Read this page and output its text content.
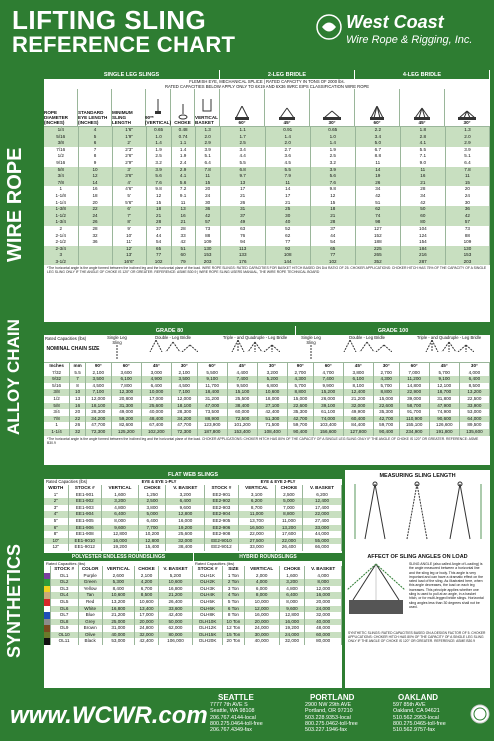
LIFTING SLING
REFERENCE CHART
West Coast
Wire Rope & Rigging, Inc.
WIRE ROPE
ALLOY CHAIN
SYNTHETICS
SINGLE LEG SLINGS	2-LEG BRIDLE	4-LEG BRIDLE
FLEMISH EYE, MECHANICAL SPLICE | RATED CAPACITY IN TONS OF 2000 lbs.
RATED CAPACITIES BELOW APPLY ONLY TO 6X19 AND 6X36 IWRC EIPS CLASSIFICATION WIRE ROPE
ROPE DIAMETER (INCHES)
STANDARD EYE LENGTH (INCHES)
MINIMUM SLING LENGTH
90** (VERTICAL) CHOKE
VERTICAL BASKET	60°	45°	30°	60°	45°	30°
1/4	4	1'6"	0.65	0.48	1.3	1.1	0.91	0.65	2.2	1.8	1.3
5/16	5	1'9"	1.0	0.74	2.0	1.7	1.4	1.0	3.4	2.8	2.0
3/8	6	2'	1.4	1.1	2.9	2.5	2.0	1.4	5.0	4.1	2.9
7/16	7	2'3"	1.9	1.4	3.9	3.4	2.7	1.9	6.7	5.5	3.9
1/2	8	2'6"	2.5	1.9	5.1	4.4	3.6	2.5	8.8	7.1	5.1
9/16	9	2'9"	3.2	2.4	6.4	5.5	4.5	3.2	11	9.0	6.4
5/8	10	3'	3.9	2.9	7.8	6.8	5.5	3.9	14	11	7.8
3/4	12	3'6"	5.6	4.1	11	9.7	7.9	5.6	19	16	11
7/8	14	4'	7.6	5.6	15	13	11	7.6	26	21	15
1	16	4'6"	9.8	7.2	20	17	14	9.8	34	28	20
1-1/8	18	5'	12	9.1	24	21	17	12	42	34	24
1-1/4	20	5'6"	15	11	30	26	21	15	51	42	30
1-3/8	22	6'	18	13	36	31	25	18	62	50	36
1-1/2	24	7'	21	16	42	37	30	21	74	60	42
1-3/4	26	8'	28	21	57	49	40	28	98	80	57
2	28	9'	37	28	73	63	52	37	127	104	73
2-1/4	32	10'	44	33	88	76	62	44	152	124	88
2-1/2	36	11'	54	42	109	94	77	54	188	154	109
2-3/4		12'	65	51	130	113	92	65	225	184	130
3		13'	77	60	153	133	108	77	265	216	153
3-1/2		16'6"	102	79	203	176	144	102	352	287	203
*The horizontal angle is the angle formed between the inclined leg and the horizontal plane of the load. WIRE ROPE SLINGS: RATED CAPACITIES FOR BASKET HITCH BASED ON D/d RATIO OF 25. CHOKER APPLICATIONS: CHOKER HITCH HAS 75% OF THE CAPACITY OF A SINGLE LEG SLING ONLY IF THE ANGLE OF CHOKE IS 120° OR GREATER. REFERENCE: ASME B30.9 | WIRE ROPE SLING USERS MANUAL, THE WIRE ROPE TECHNICAL BOARD
GRADE 80	GRADE 100
Rated Capacities (lbs)
NOMINAL CHAIN SIZE
Single Leg Sling

Double - Leg Bridle	Triple - and Quadruple - Leg Bridle	Single Leg Sling

Double - Leg Bridle	Triple - and Quadruple - Leg Bridle

Inches	mm	90°	60°	45°	30°	60°	45°	30°	90°	60°	45°	30°	60°	45°	30°
7/32	5.5	2,100	3,600	3,000	2,100	5,500	4,400	3,200	2,700	4,700	3,800	2,700	7,000	5,700	4,000
9/32	7	3,500	6,100	4,900	3,500	9,100	7,400	5,200	4,300	7,400	6,100	4,300	11,200	9,100	6,400
5/16	8	4,500	7,800	6,400	4,500	11,700	9,500	6,800	5,700	9,900	8,100	5,700	14,800	12,100	8,500
3/8	10	7,100	12,300	10,000	7,100	18,400	15,100	10,600	8,800	15,200	12,400	8,800	22,900	18,700	13,200
1/2	13	12,000	20,800	17,000	12,000	31,200	25,500	18,000	15,000	26,000	21,200	15,000	39,000	31,800	22,500
5/8	16	18,100	31,300	25,600	18,100	47,000	38,400	27,100	22,600	39,100	32,000	22,600	58,700	47,900	33,900
3/4	20	28,300	49,000	40,000	28,300	73,500	60,000	42,400	35,300	61,100	49,900	35,300	91,700	74,900	53,000
7/8	22	34,200	59,200	48,400	34,200	88,900	72,500	51,300	42,700	74,000	60,400	42,700	110,900	90,600	64,000
1	26	47,700	82,600	67,400	47,700	123,900	101,200	71,500	59,700	103,400	84,400	59,700	155,100	126,600	89,500
1-1/4	32	72,300	125,200	102,200	72,300	187,800	153,400	108,400	90,400	156,600	127,800	90,400	234,900	191,800	135,600
*The horizontal angle is the angle formed between the inclined leg and the horizontal plane of the load. CHOKER APPLICATIONS: CHOKER HITCH HAS 80% OF THE CAPACITY OF A SINGLE LEG SLING ONLY IF THE ANGLE OF CHOKE IS 120° OR GREATER. REFERENCE: ASME B30.9
FLAT WEB SLINGS
Rated Capacities (lbs)	EYE & EYE 1-PLY	EYE & EYE 2-PLY
WIDTH	STOCK #	VERTICAL	CHOKE	V. BASKET	STOCK #	VERTICAL	CHOKE	V. BASKET
1"	EE1-901	1,600	1,250	3,200	EE2-901	3,100	2,500	6,200
2"	EE1-902	3,200	2,500	6,400	EE2-902	6,200	5,000	12,400
3"	EE1-903	4,800	3,800	9,600	EE2-903	8,700	7,000	17,400
4"	EE1-904	6,400	5,000	12,800	EE2-904	11,000	8,800	22,000
5"	EE1-905	8,000	6,400	16,000	EE2-905	13,700	11,000	27,400
6"	EE1-906	9,600	7,700	19,200	EE2-906	16,500	13,200	33,000
8"	EE1-908	12,800	10,200	25,600	EE2-908	22,000	17,600	44,000
10"	EE1-9010	16,000	12,800	32,000	EE2-9010	27,500	22,000	55,000
12"	EE1-9012	19,200	15,400	38,400	EE2-9012	33,000	26,400	66,000
POLYESTER ENDLESS ROUNDSLINGS
Rated Capacities (lbs)
	STOCK #	COLOR	VERTICAL	CHOKE	V. BASKET
	OL1	Purple	2,600	2,100	5,200
	OL2	Green	5,300	4,200	10,600
	OL3	Yellow	8,400	6,700	16,800
	OL4	Tan	10,600	8,500	21,200
	OL5	Red	13,200	10,600	26,400
	OL6	White	16,800	13,400	33,600
	OL7	Blue	21,200	17,000	42,400
	OL8	Grey	25,000	20,000	50,000
	OL9	Brown	31,000	24,800	62,000
	OL10	Olive	40,000	32,000	80,000
	OL11	Black	53,000	42,400	106,000
HYBRID ROUNDSLINGS
Rated Capacities (lbs)
STOCK #	SIZE	VERTICAL	CHOKE	V. BASKET
OLH1K	1 Ton	2,000	1,600	4,000
OLH2K	2 Ton	4,000	3,200	8,000
OLH3K	3 Ton	6,000	4,800	12,000
OLH4K	4 Ton	8,000	6,400	16,000
OLH5K	5 Ton	10,000	8,000	20,000
OLH6K	6 Ton	12,000	9,600	24,000
OLH8K	8 Ton	16,000	12,800	32,000
OLH10K	10 Ton	20,000	16,000	40,000
OLH12K	12 Ton	24,000	19,200	48,000
OLH15K	15 Ton	30,000	24,000	60,000
OLH20K	20 Ton	40,000	32,000	80,000
MEASURING SLING LENGTH
AFFECT OF SLING ANGLES ON LOAD
SLING ANGLE (also called Angle of Loading) is the angle measured between a horizontal line and the sling leg or body. This angle is very important and can have a dramatic effect on the rated load of the sling. As illustrated here, when this angle decreases, the load on each leg increases. This principle applies whether one sling is used to pull at an angle, in a basket hitch, or for multi-legged bridle slings. Horizontal sling angles less than 30 degrees shall not be used.
SYNTHETIC SLINGS: RATED CAPACITIES BASED ON A DESIGN FACTOR OF 5. CHOKER APPLICATIONS: CHOKER HITCH HAS 80% OF THE CAPACITY OF A SINGLE LEG SLING ONLY IF THE ANGLE OF CHOKE IS 120° OR GREATER. REFERENCE: ASME B30.9
www.WCWR.com
SEATTLE
7777 7th AVE S
Seattle, WA 98108
206.767.4144-local
800.275.0464-toll-free
206.767.4349-fax
PORTLAND
2900 NW 29th AVE
Portland, OR 97210
503.228.9353-local
800.275.0462-toll-free
503.227.1946-fax
OAKLAND
597 85th AVE
Oakland, CA 94621
510.562.2953-local
800.275.0465-toll-free
510.562.9757-fax
